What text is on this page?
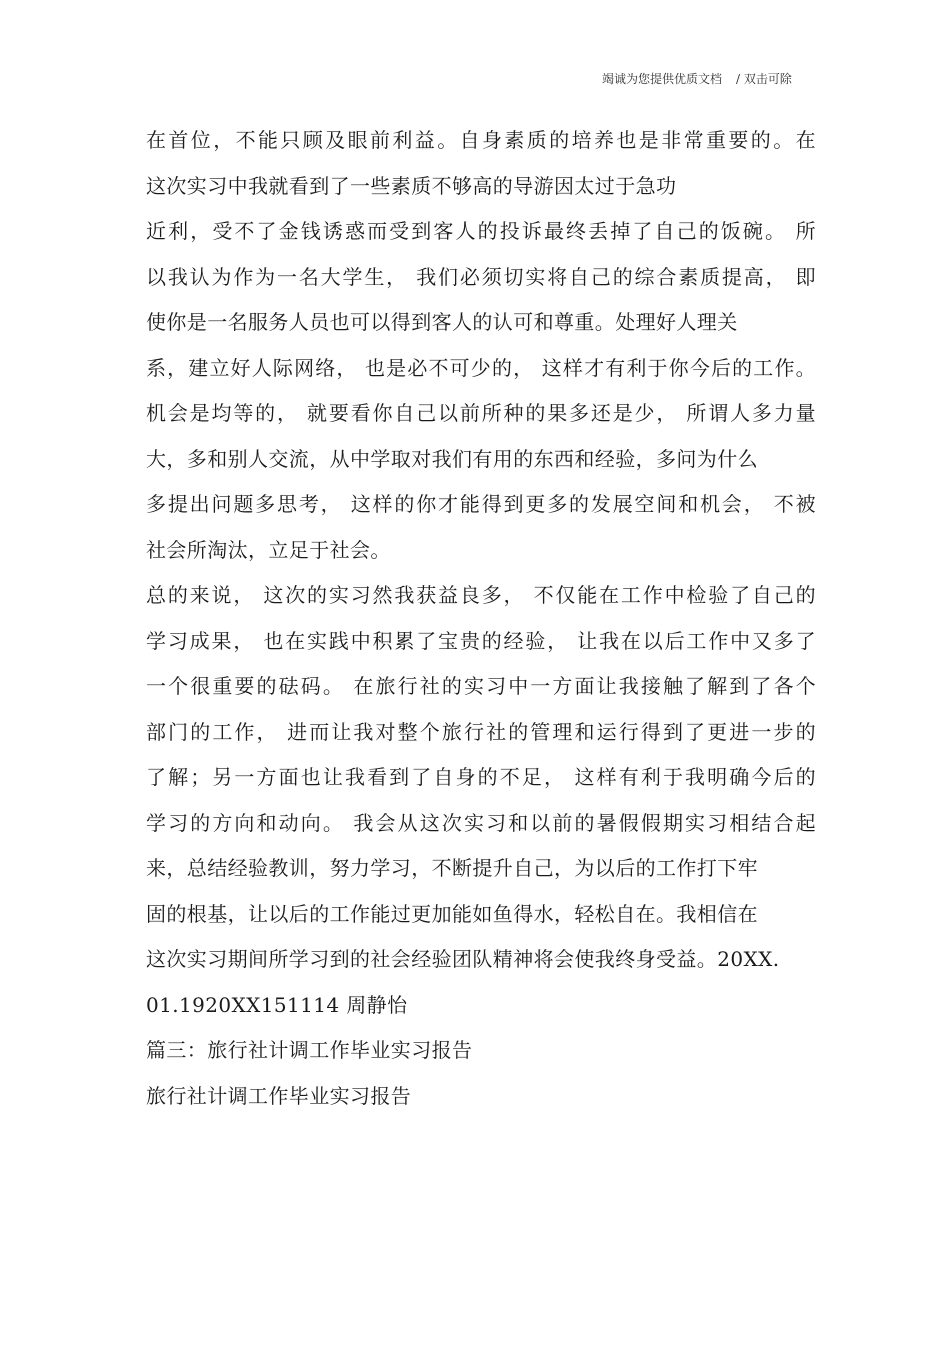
竭诚为您提供优质文档 / 双击可除
在首位，不能只顾及眼前利益。自身素质的培养也是非常重要的。在
这次实习中我就看到了一些素质不够高的导游因太过于急功
近利，受不了金钱诱惑而受到客人的投诉最终丢掉了自己的饭碗。 所
以我认为作为一名大学生， 我们必须切实将自己的综合素质提高， 即
使你是一名服务人员也可以得到客人的认可和尊重。处理好人理关
系，建立好人际网络， 也是必不可少的， 这样才有利于你今后的工作。
机会是均等的， 就要看你自己以前所种的果多还是少， 所谓人多力量
大，多和别人交流，从中学取对我们有用的东西和经验，多问为什么
多提出问题多思考， 这样的你才能得到更多的发展空间和机会， 不被
社会所淘汰，立足于社会。
总的来说， 这次的实习然我获益良多， 不仅能在工作中检验了自己的
学习成果， 也在实践中积累了宝贵的经验， 让我在以后工作中又多了
一个很重要的砝码。 在旅行社的实习中一方面让我接触了解到了各个
部门的工作， 进而让我对整个旅行社的管理和运行得到了更进一步的
了解；另一方面也让我看到了自身的不足， 这样有利于我明确今后的
学习的方向和动向。 我会从这次实习和以前的暑假假期实习相结合起
来，总结经验教训，努力学习，不断提升自己，为以后的工作打下牢
固的根基，让以后的工作能过更加能如鱼得水，轻松自在。我相信在
这次实习期间所学习到的社会经验团队精神将会使我终身受益。20XX.
01.1920XX151114 周静怡
篇三：旅行社计调工作毕业实习报告
旅行社计调工作毕业实习报告
